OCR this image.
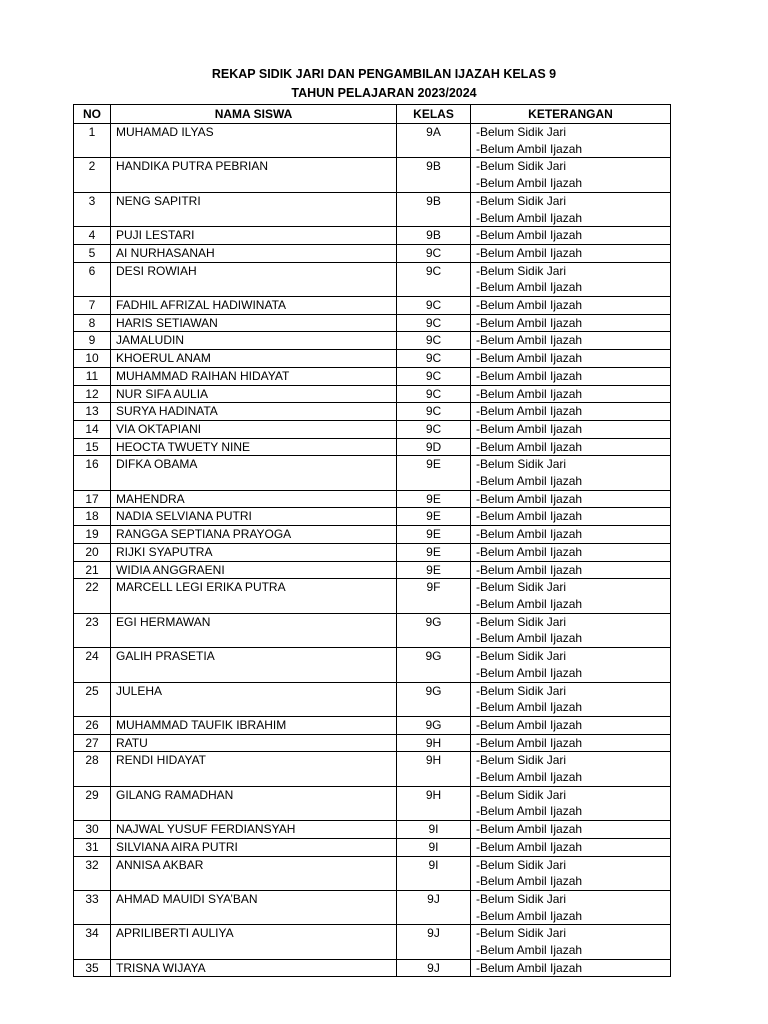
REKAP SIDIK JARI DAN PENGAMBILAN IJAZAH KELAS 9
TAHUN PELAJARAN 2023/2024
NO	NAMA SISWA	KELAS	KETERANGAN
1	MUHAMAD ILYAS	9A	-Belum Sidik Jari
-Belum Ambil Ijazah

2	HANDIKA PUTRA PEBRIAN	9B	-Belum Sidik Jari
-Belum Ambil Ijazah

3	NENG SAPITRI	9B	-Belum Sidik Jari
-Belum Ambil Ijazah

4	PUJI LESTARI	9B	-Belum Ambil Ijazah

5	AI NURHASANAH	9C	-Belum Ambil Ijazah

6	DESI ROWIAH	9C	-Belum Sidik Jari
-Belum Ambil Ijazah

7	FADHIL AFRIZAL HADIWINATA	9C	-Belum Ambil Ijazah

8	HARIS SETIAWAN	9C	-Belum Ambil Ijazah

9	JAMALUDIN	9C	-Belum Ambil Ijazah

10	KHOERUL ANAM	9C	-Belum Ambil Ijazah

11	MUHAMMAD RAIHAN HIDAYAT	9C	-Belum Ambil Ijazah

12	NUR SIFA AULIA	9C	-Belum Ambil Ijazah

13	SURYA HADINATA	9C	-Belum Ambil Ijazah

14	VIA OKTAPIANI	9C	-Belum Ambil Ijazah

15	HEOCTA TWUETY NINE	9D	-Belum Ambil Ijazah

16	DIFKA OBAMA	9E	-Belum Sidik Jari
-Belum Ambil Ijazah

17	MAHENDRA	9E	-Belum Ambil Ijazah

18	NADIA SELVIANA PUTRI	9E	-Belum Ambil Ijazah

19	RANGGA SEPTIANA PRAYOGA	9E	-Belum Ambil Ijazah

20	RIJKI SYAPUTRA	9E	-Belum Ambil Ijazah

21	WIDIA ANGGRAENI	9E	-Belum Ambil Ijazah

22	MARCELL LEGI ERIKA PUTRA	9F	-Belum Sidik Jari
-Belum Ambil Ijazah

23	EGI HERMAWAN	9G	-Belum Sidik Jari
-Belum Ambil Ijazah

24	GALIH PRASETIA	9G	-Belum Sidik Jari
-Belum Ambil Ijazah

25	JULEHA	9G	-Belum Sidik Jari
-Belum Ambil Ijazah

26	MUHAMMAD TAUFIK IBRAHIM	9G	-Belum Ambil Ijazah

27	RATU	9H	-Belum Ambil Ijazah

28	RENDI HIDAYAT	9H	-Belum Sidik Jari
-Belum Ambil Ijazah

29	GILANG RAMADHAN	9H	-Belum Sidik Jari
-Belum Ambil Ijazah

30	NAJWAL YUSUF FERDIANSYAH	9I	-Belum Ambil Ijazah

31	SILVIANA AIRA PUTRI	9I	-Belum Ambil Ijazah

32	ANNISA AKBAR	9I	-Belum Sidik Jari
-Belum Ambil Ijazah

33	AHMAD MAUIDI SYA’BAN	9J	-Belum Sidik Jari
-Belum Ambil Ijazah

34	APRILIBERTI AULIYA	9J	-Belum Sidik Jari
-Belum Ambil Ijazah

35	TRISNA WIJAYA	9J	-Belum Ambil Ijazah
